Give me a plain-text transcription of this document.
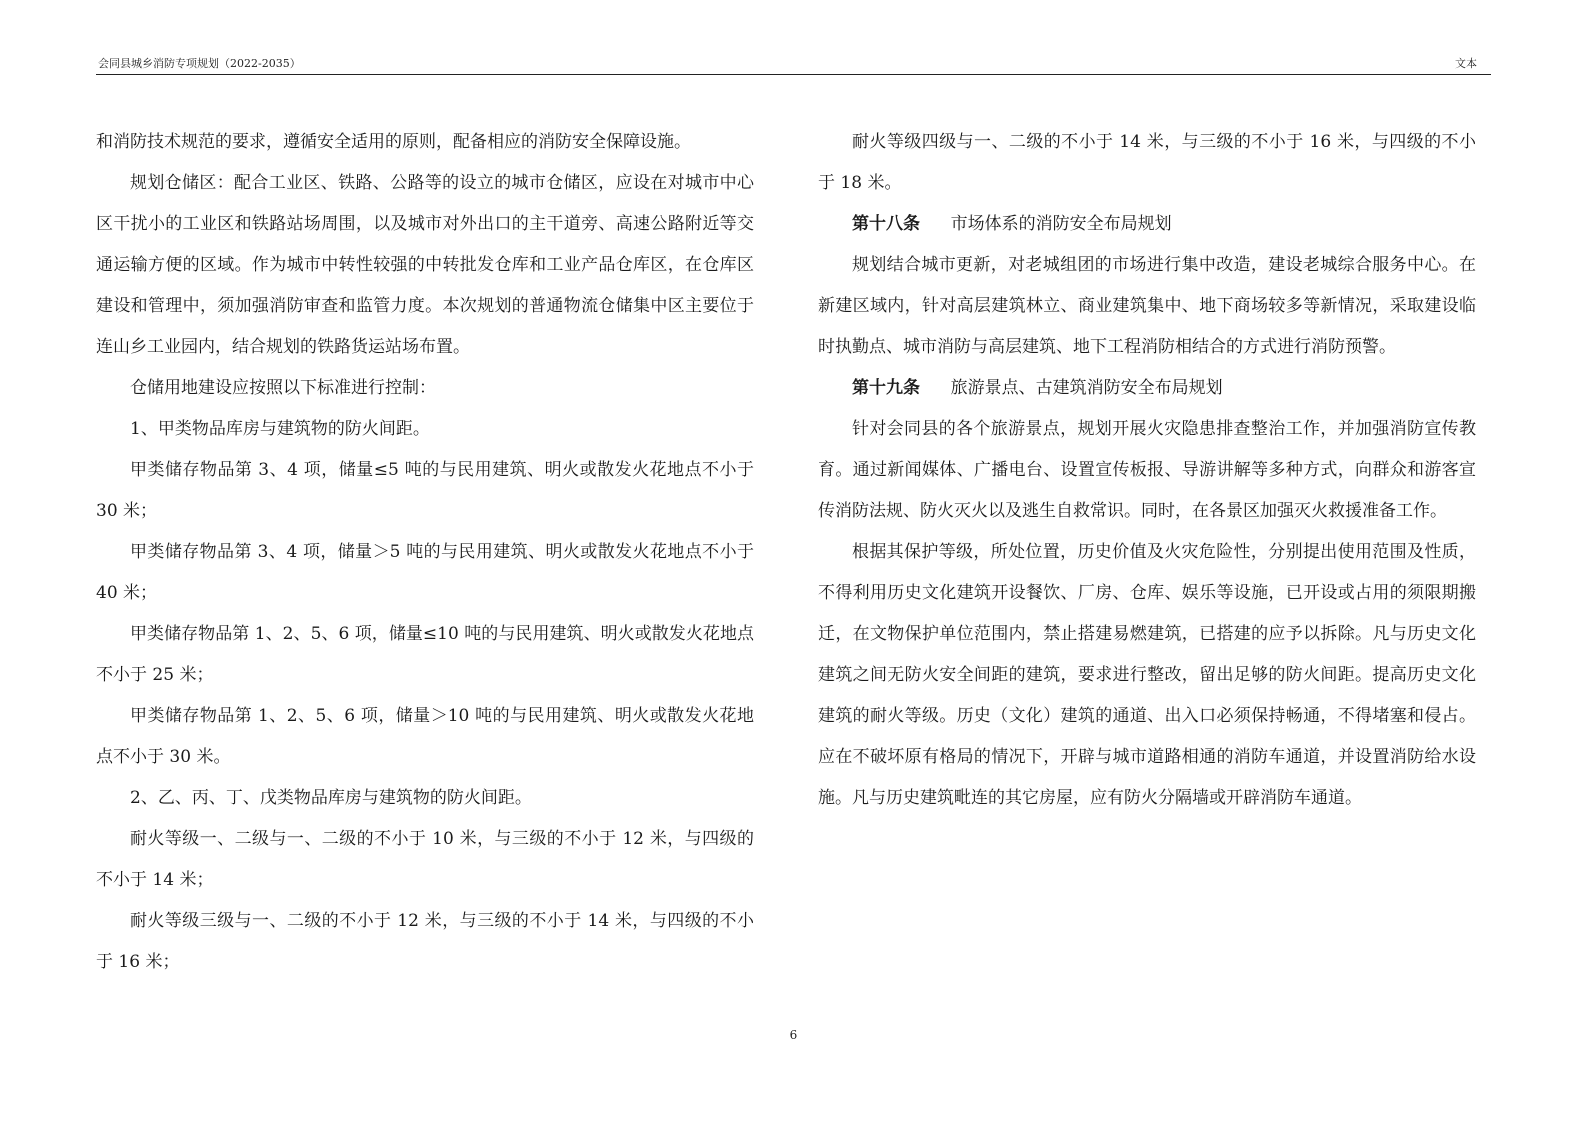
会同县城乡消防专项规划（2022-2035）	文本

和消防技术规范的要求，遵循安全适用的原则，配备相应的消防安全保障设施。

规划仓储区：配合工业区、铁路、公路等的设立的城市仓储区，应设在对城市中心区干扰小的工业区和铁路站场周围，以及城市对外出口的主干道旁、高速公路附近等交通运输方便的区域。作为城市中转性较强的中转批发仓库和工业产品仓库区，在仓库区建设和管理中，须加强消防审查和监管力度。本次规划的普通物流仓储集中区主要位于连山乡工业园内，结合规划的铁路货运站场布置。

仓储用地建设应按照以下标准进行控制：

1、甲类物品库房与建筑物的防火间距。

甲类储存物品第 3、4 项，储量≤5 吨的与民用建筑、明火或散发火花地点不小于 30 米；

甲类储存物品第 3、4 项，储量＞5 吨的与民用建筑、明火或散发火花地点不小于 40 米；

甲类储存物品第 1、2、5、6 项，储量≤10 吨的与民用建筑、明火或散发火花地点不小于 25 米；

甲类储存物品第 1、2、5、6 项，储量＞10 吨的与民用建筑、明火或散发火花地点不小于 30 米。

2、乙、丙、丁、戊类物品库房与建筑物的防火间距。

耐火等级一、二级与一、二级的不小于 10 米，与三级的不小于 12 米，与四级的不小于 14 米；

耐火等级三级与一、二级的不小于 12 米，与三级的不小于 14 米，与四级的不小于 16 米；

耐火等级四级与一、二级的不小于 14 米，与三级的不小于 16 米，与四级的不小于 18 米。

第十八条 市场体系的消防安全布局规划

规划结合城市更新，对老城组团的市场进行集中改造，建设老城综合服务中心。在新建区域内，针对高层建筑林立、商业建筑集中、地下商场较多等新情况，采取建设临时执勤点、城市消防与高层建筑、地下工程消防相结合的方式进行消防预警。

第十九条 旅游景点、古建筑消防安全布局规划

针对会同县的各个旅游景点，规划开展火灾隐患排查整治工作，并加强消防宣传教育。通过新闻媒体、广播电台、设置宣传板报、导游讲解等多种方式，向群众和游客宣传消防法规、防火灭火以及逃生自救常识。同时，在各景区加强灭火救援准备工作。

根据其保护等级，所处位置，历史价值及火灾危险性，分别提出使用范围及性质，不得利用历史文化建筑开设餐饮、厂房、仓库、娱乐等设施，已开设或占用的须限期搬迁，在文物保护单位范围内，禁止搭建易燃建筑，已搭建的应予以拆除。凡与历史文化建筑之间无防火安全间距的建筑，要求进行整改，留出足够的防火间距。提高历史文化建筑的耐火等级。历史（文化）建筑的通道、出入口必须保持畅通，不得堵塞和侵占。应在不破坏原有格局的情况下，开辟与城市道路相通的消防车通道，并设置消防给水设施。凡与历史建筑毗连的其它房屋，应有防火分隔墙或开辟消防车通道。

6
